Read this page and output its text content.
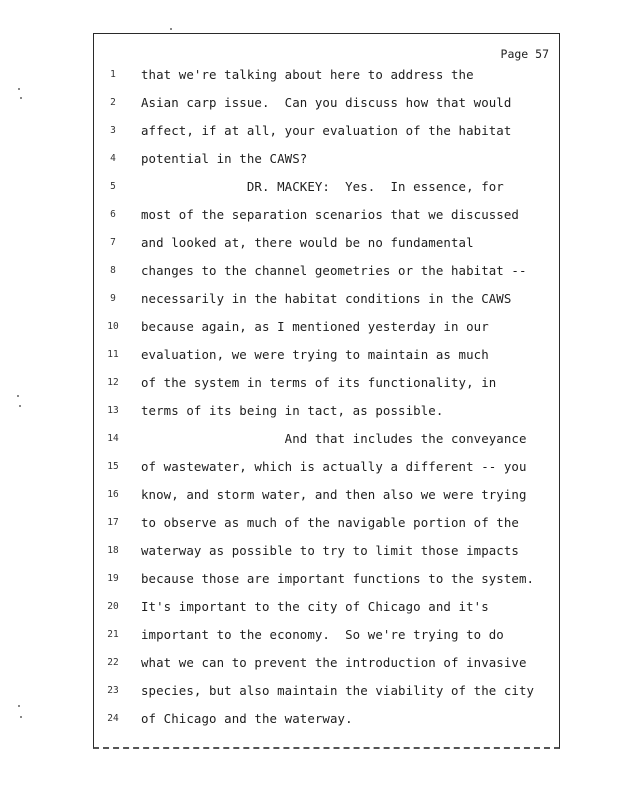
Page 57
1	that we're talking about here to address the
2	Asian carp issue.  Can you discuss how that would
3	affect, if at all, your evaluation of the habitat
4	potential in the CAWS?
5	DR. MACKEY:  Yes.  In essence, for
6	most of the separation scenarios that we discussed
7	and looked at, there would be no fundamental
8	changes to the channel geometries or the habitat --
9	necessarily in the habitat conditions in the CAWS
10	because again, as I mentioned yesterday in our
11	evaluation, we were trying to maintain as much
12	of the system in terms of its functionality, in
13	terms of its being in tact, as possible.
14	And that includes the conveyance
15	of wastewater, which is actually a different -- you
16	know, and storm water, and then also we were trying
17	to observe as much of the navigable portion of the
18	waterway as possible to try to limit those impacts
19	because those are important functions to the system.
20	It's important to the city of Chicago and it's
21	important to the economy.  So we're trying to do
22	what we can to prevent the introduction of invasive
23	species, but also maintain the viability of the city
24	of Chicago and the waterway.
